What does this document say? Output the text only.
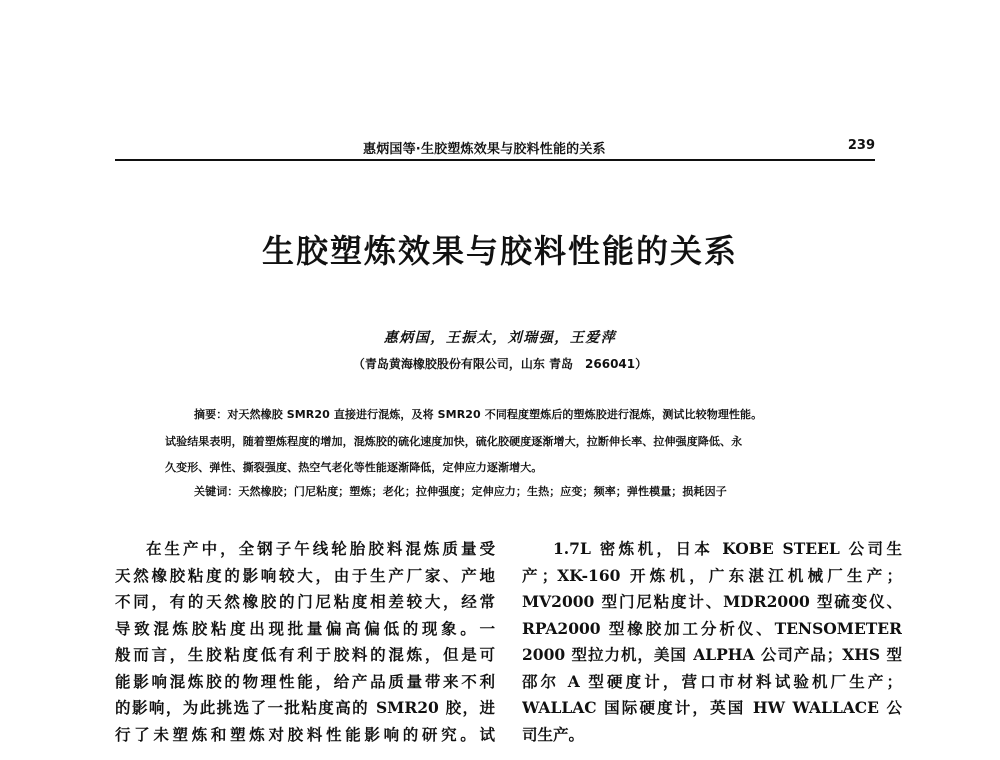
惠炳国等·生胶塑炼效果与胶料性能的关系	239
生胶塑炼效果与胶料性能的关系
惠炳国，王振太，刘瑞强，王爱萍
（青岛黄海橡胶股份有限公司，山东 青岛　266041）
摘要：对天然橡胶 SMR20 直接进行混炼，及将 SMR20 不同程度塑炼后的塑炼胶进行混炼，测试比较物理性能。
试验结果表明，随着塑炼程度的增加，混炼胶的硫化速度加快，硫化胶硬度逐渐增大，拉断伸长率、拉伸强度降低、永
久变形、弹性、撕裂强度、热空气老化等性能逐渐降低，定伸应力逐渐增大。
关键词：天然橡胶；门尼粘度；塑炼；老化；拉伸强度；定伸应力；生热；应变；频率；弹性模量；损耗因子
在生产中，全钢子午线轮胎胶料混炼质量受
天然橡胶粘度的影响较大，由于生产厂家、产地
不同，有的天然橡胶的门尼粘度相差较大，经常
导致混炼胶粘度出现批量偏高偏低的现象。一
般而言，生胶粘度低有利于胶料的混炼，但是可
能影响混炼胶的物理性能，给产品质量带来不利
的影响，为此挑选了一批粘度高的 SMR20 胶，进
行了未塑炼和塑炼对胶料性能影响的研究。试
1.7L 密炼机，日本 KOBE STEEL 公司生
产；XK-160 开炼机，广东湛江机械厂生产；
MV2000 型门尼粘度计、MDR2000 型硫变仪、
RPA2000 型橡胶加工分析仪、TENSOMETER
2000 型拉力机，美国 ALPHA 公司产品；XHS 型
邵尔 A 型硬度计，营口市材料试验机厂生产；
WALLAC 国际硬度计，英国 HW WALLACE 公
司生产。
